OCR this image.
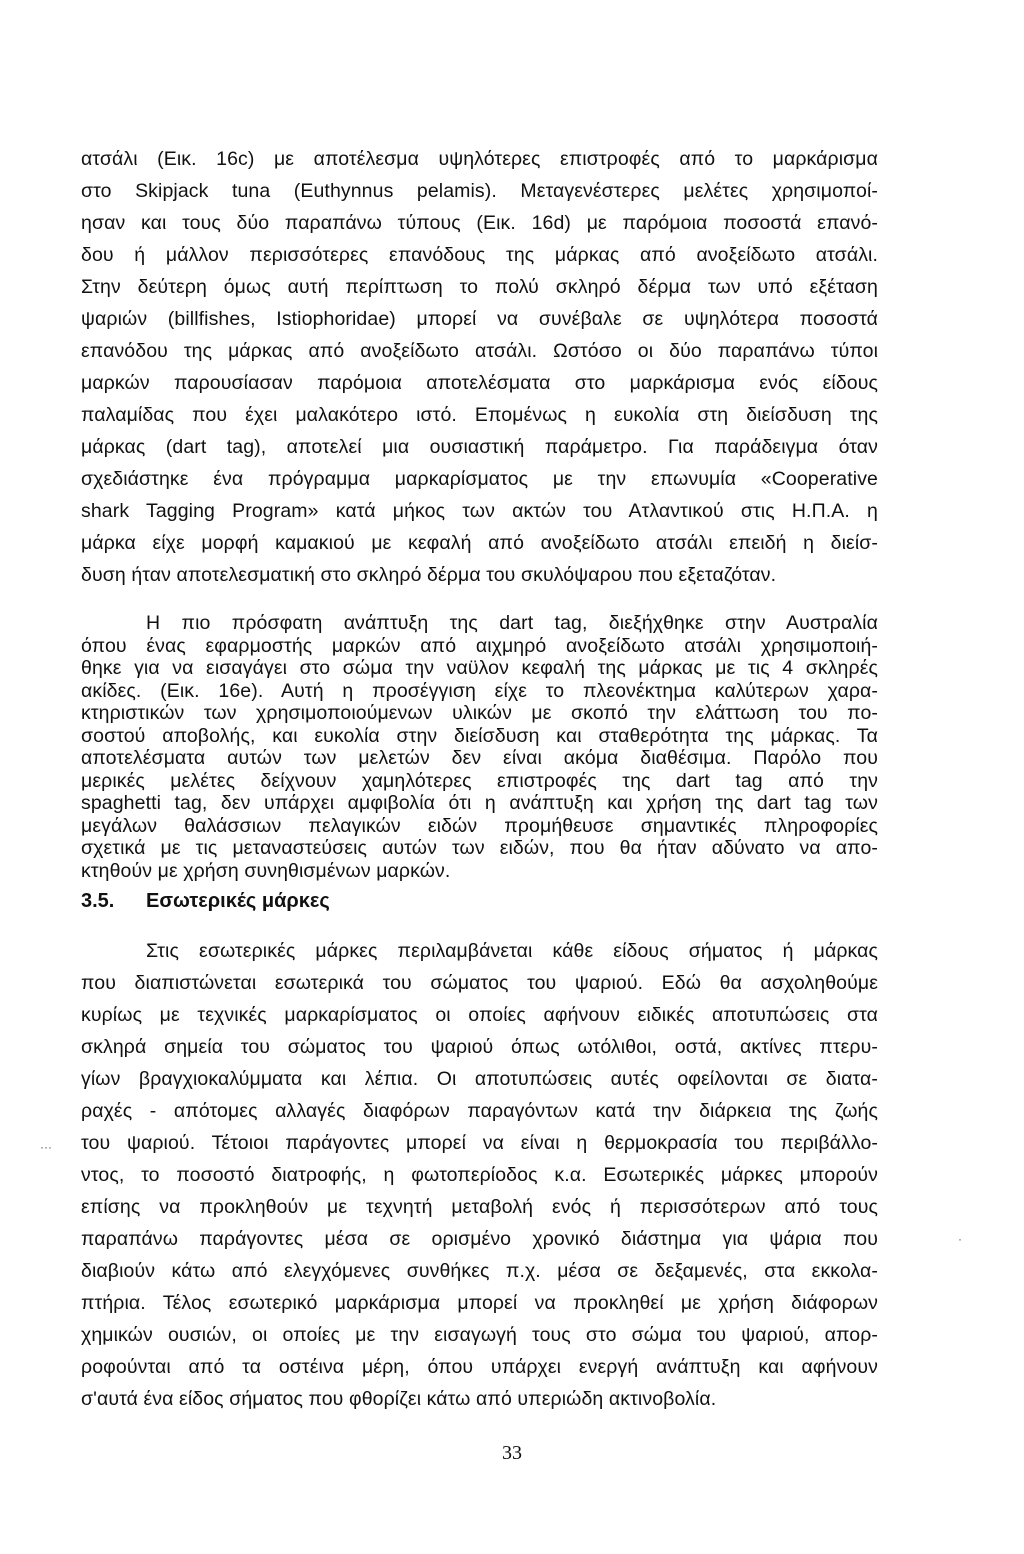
ατσάλι (Εικ. 16c) με αποτέλεσμα υψηλότερες επιστροφές από το μαρκάρισμα
στο Skipjack tuna (Euthynnus pelamis). Μεταγενέστερες μελέτες χρησιμοποί-
ησαν και τους δύο παραπάνω τύπους (Εικ. 16d) με παρόμοια ποσοστά επανό-
δου ή μάλλον περισσότερες επανόδους της μάρκας από ανοξείδωτο ατσάλι.
Στην δεύτερη όμως αυτή περίπτωση το πολύ σκληρό δέρμα των υπό εξέταση
ψαριών (billfishes, Istiophoridae) μπορεί να συνέβαλε σε υψηλότερα ποσοστά
επανόδου της μάρκας από ανοξείδωτο ατσάλι. Ωστόσο οι δύο παραπάνω τύποι
μαρκών παρουσίασαν παρόμοια αποτελέσματα στο μαρκάρισμα ενός είδους
παλαμίδας που έχει μαλακότερο ιστό. Επομένως η ευκολία στη διείσδυση της
μάρκας (dart tag), αποτελεί μια ουσιαστική παράμετρο. Για παράδειγμα όταν
σχεδιάστηκε ένα πρόγραμμα μαρκαρίσματος με την επωνυμία «Cooperative
shark Tagging Program» κατά μήκος των ακτών του Ατλαντικού στις Η.Π.Α. η
μάρκα είχε μορφή καμακιού με κεφαλή από ανοξείδωτο ατσάλι επειδή η διείσ-
δυση ήταν αποτελεσματική στο σκληρό δέρμα του σκυλόψαρου που εξεταζόταν.
Η πιο πρόσφατη ανάπτυξη της dart tag, διεξήχθηκε στην Αυστραλία
όπου ένας εφαρμοστής μαρκών από αιχμηρό ανοξείδωτο ατσάλι χρησιμοποιή-
θηκε για να εισαγάγει στο σώμα την ναϋλον κεφαλή της μάρκας με τις 4 σκληρές
ακίδες. (Εικ. 16e). Αυτή η προσέγγιση είχε το πλεονέκτημα καλύτερων χαρα-
κτηριστικών των χρησιμοποιούμενων υλικών με σκοπό την ελάττωση του πο-
σοστού αποβολής, και ευκολία στην διείσδυση και σταθερότητα της μάρκας. Τα
αποτελέσματα αυτών των μελετών δεν είναι ακόμα διαθέσιμα. Παρόλο που
μερικές μελέτες δείχνουν χαμηλότερες επιστροφές της dart tag από την
spaghetti tag, δεν υπάρχει αμφιβολία ότι η ανάπτυξη και χρήση της dart tag των
μεγάλων θαλάσσιων πελαγικών ειδών προμήθευσε σημαντικές πληροφορίες
σχετικά με τις μεταναστεύσεις αυτών των ειδών, που θα ήταν αδύνατο να απο-
κτηθούν με χρήση συνηθισμένων μαρκών.
3.5. Εσωτερικές μάρκες
Στις εσωτερικές μάρκες περιλαμβάνεται κάθε είδους σήματος ή μάρκας
που διαπιστώνεται εσωτερικά του σώματος του ψαριού. Εδώ θα ασχοληθούμε
κυρίως με τεχνικές μαρκαρίσματος οι οποίες αφήνουν ειδικές αποτυπώσεις στα
σκληρά σημεία του σώματος του ψαριού όπως ωτόλιθοι, οστά, ακτίνες πτερυ-
γίων βραγχιοκαλύμματα και λέπια. Οι αποτυπώσεις αυτές οφείλονται σε διατα-
ραχές - απότομες αλλαγές διαφόρων παραγόντων κατά την διάρκεια της ζωής
του ψαριού. Τέτοιοι παράγοντες μπορεί να είναι η θερμοκρασία του περιβάλλο-
ντος, το ποσοστό διατροφής, η φωτοπερίοδος κ.α. Εσωτερικές μάρκες μπορούν
επίσης να προκληθούν με τεχνητή μεταβολή ενός ή περισσότερων από τους
παραπάνω παράγοντες μέσα σε ορισμένο χρονικό διάστημα για ψάρια που
διαβιούν κάτω από ελεγχόμενες συνθήκες π.χ. μέσα σε δεξαμενές, στα εκκολα-
πτήρια. Τέλος εσωτερικό μαρκάρισμα μπορεί να προκληθεί με χρήση διάφορων
χημικών ουσιών, οι οποίες με την εισαγωγή τους στο σώμα του ψαριού, απορ-
ροφούνται από τα οστέινα μέρη, όπου υπάρχει ενεργή ανάπτυξη και αφήνουν
σ'αυτά ένα είδος σήματος που φθορίζει κάτω από υπεριώδη ακτινοβολία.
33
···
·
